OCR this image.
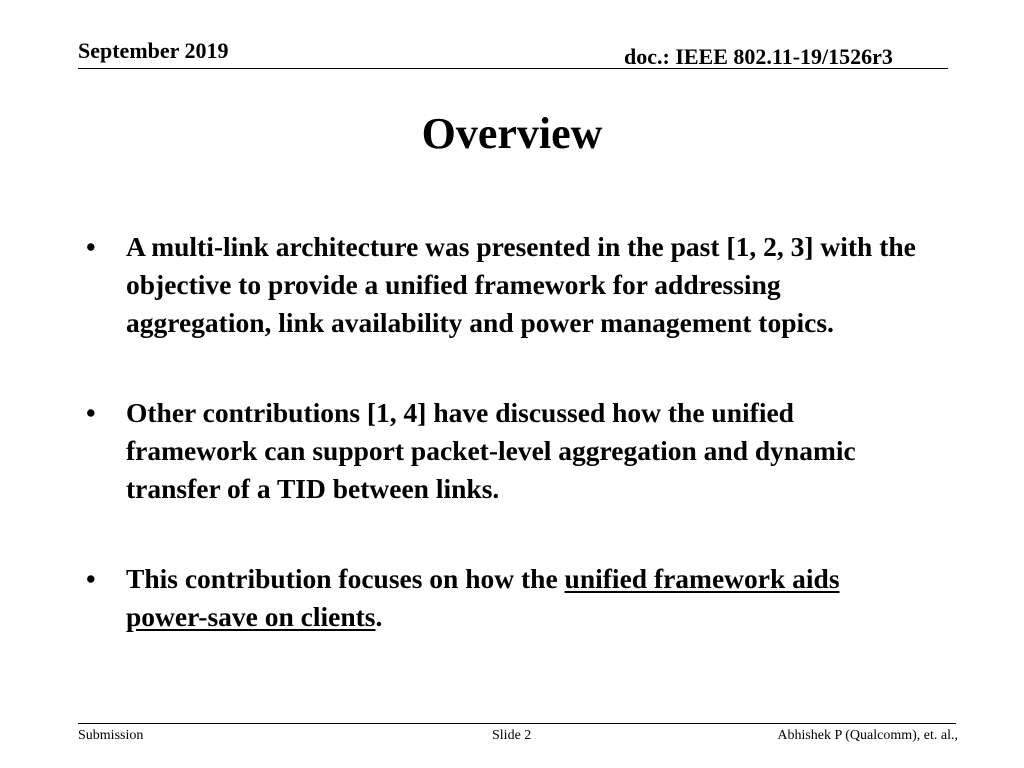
September 2019	doc.: IEEE 802.11-19/1526r3
Overview
• A multi-link architecture was presented in the past [1, 2, 3] with the objective to provide a unified framework for addressing aggregation, link availability and power management topics.
• Other contributions [1, 4] have discussed how the unified framework can support packet-level aggregation and dynamic transfer of a TID between links.
• This contribution focuses on how the unified framework aids power-save on clients.
Submission	Slide 2	Abhishek P (Qualcomm), et. al.,
